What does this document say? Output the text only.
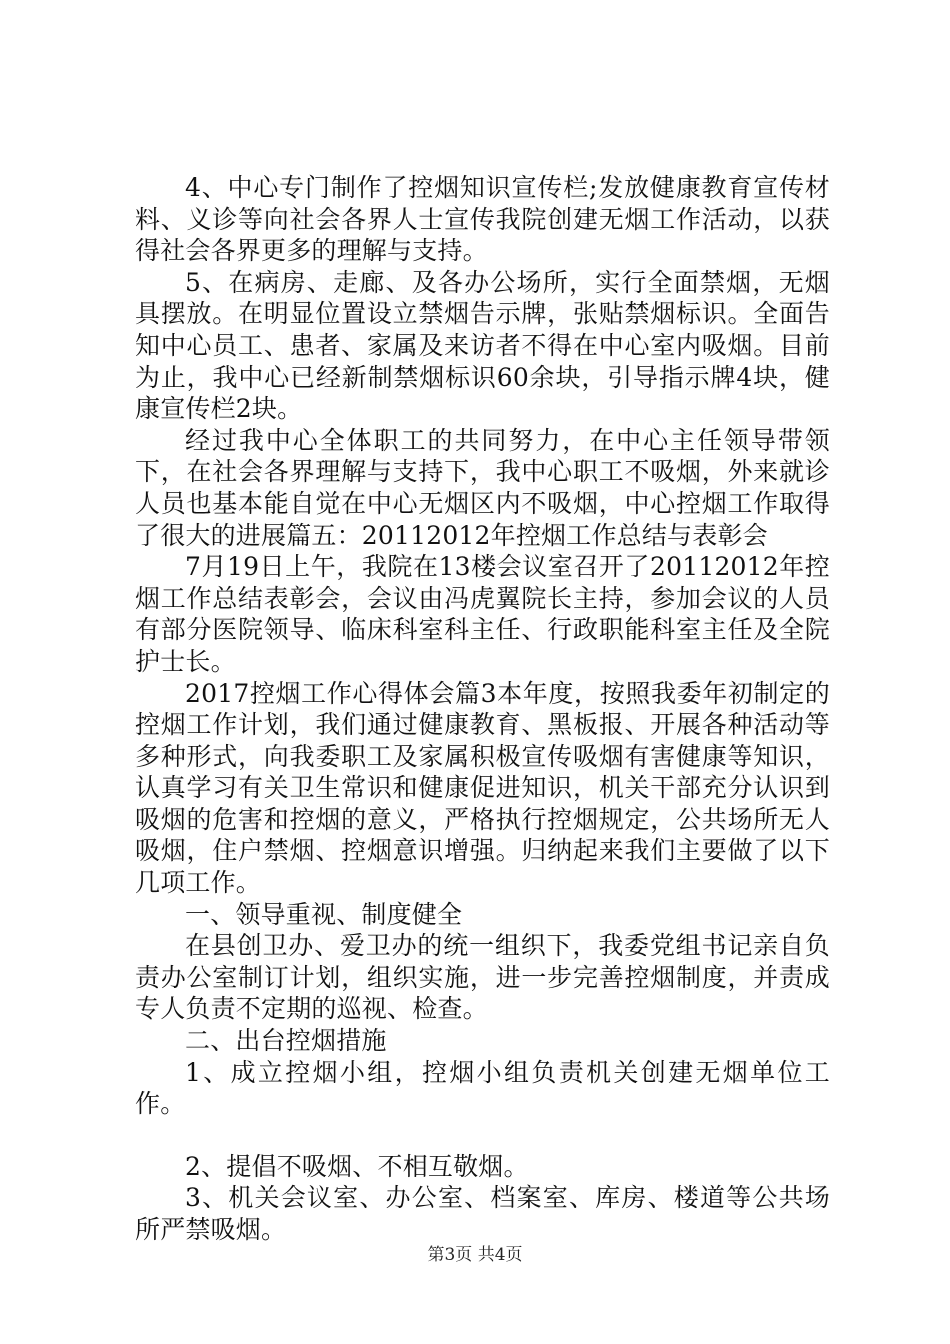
4、中心专门制作了控烟知识宣传栏;发放健康教育宣传材料、义诊等向社会各界人士宣传我院创建无烟工作活动，以获得社会各界更多的理解与支持。

5、在病房、走廊、及各办公场所，实行全面禁烟，无烟具摆放。在明显位置设立禁烟告示牌，张贴禁烟标识。全面告知中心员工、患者、家属及来访者不得在中心室内吸烟。目前为止，我中心已经新制禁烟标识60余块，引导指示牌4块，健康宣传栏2块。

经过我中心全体职工的共同努力，在中心主任领导带领下，在社会各界理解与支持下，我中心职工不吸烟，外来就诊人员也基本能自觉在中心无烟区内不吸烟，中心控烟工作取得了很大的进展篇五：20112012年控烟工作总结与表彰会

7月19日上午，我院在13楼会议室召开了20112012年控烟工作总结表彰会，会议由冯虎翼院长主持，参加会议的人员有部分医院领导、临床科室科主任、行政职能科室主任及全院护士长。

2017控烟工作心得体会篇3本年度，按照我委年初制定的控烟工作计划，我们通过健康教育、黑板报、开展各种活动等多种形式，向我委职工及家属积极宣传吸烟有害健康等知识，认真学习有关卫生常识和健康促进知识，机关干部充分认识到吸烟的危害和控烟的意义，严格执行控烟规定，公共场所无人吸烟，住户禁烟、控烟意识增强。归纳起来我们主要做了以下几项工作。

一、领导重视、制度健全

在县创卫办、爱卫办的统一组织下，我委党组书记亲自负责办公室制订计划，组织实施，进一步完善控烟制度，并责成专人负责不定期的巡视、检查。

二、出台控烟措施

1、成立控烟小组，控烟小组负责机关创建无烟单位工作。

2、提倡不吸烟、不相互敬烟。

3、机关会议室、办公室、档案室、库房、楼道等公共场所严禁吸烟。

第3页 共4页
